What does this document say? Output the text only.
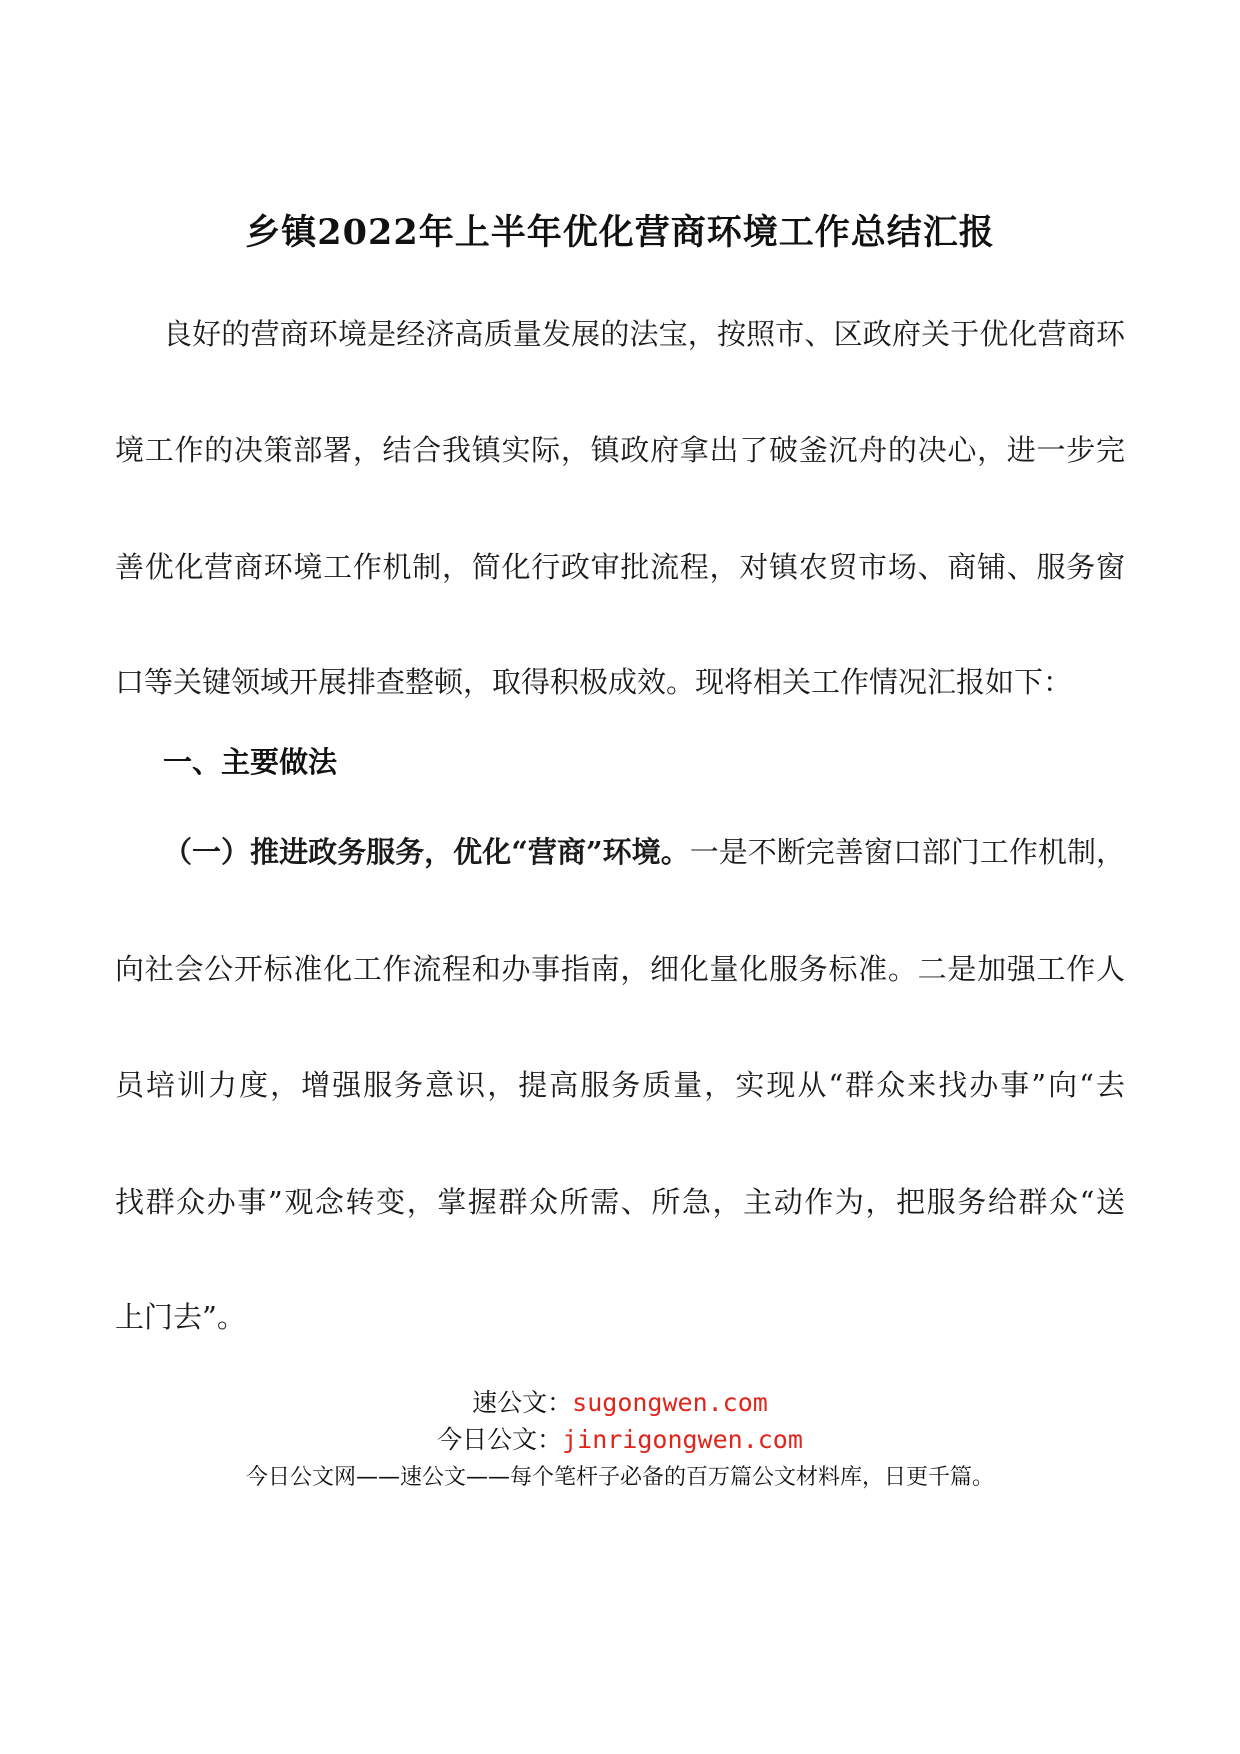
乡镇2022年上半年优化营商环境工作总结汇报
良好的营商环境是经济高质量发展的法宝，按照市、区政府关于优化营商环
境工作的决策部署，结合我镇实际，镇政府拿出了破釜沉舟的决心，进一步完
善优化营商环境工作机制，简化行政审批流程，对镇农贸市场、商铺、服务窗
口等关键领域开展排查整顿，取得积极成效。现将相关工作情况汇报如下：
一、主要做法
（一）推进政务服务，优化“营商”环境。一是不断完善窗口部门工作机制，
向社会公开标准化工作流程和办事指南，细化量化服务标准。二是加强工作人
员培训力度，增强服务意识，提高服务质量，实现从“群众来找办事”向“去
找群众办事”观念转变，掌握群众所需、所急，主动作为，把服务给群众“送
上门去”。
速公文：sugongwen.com
今日公文：jinrigongwen.com
今日公文网——速公文——每个笔杆子必备的百万篇公文材料库，日更千篇。
